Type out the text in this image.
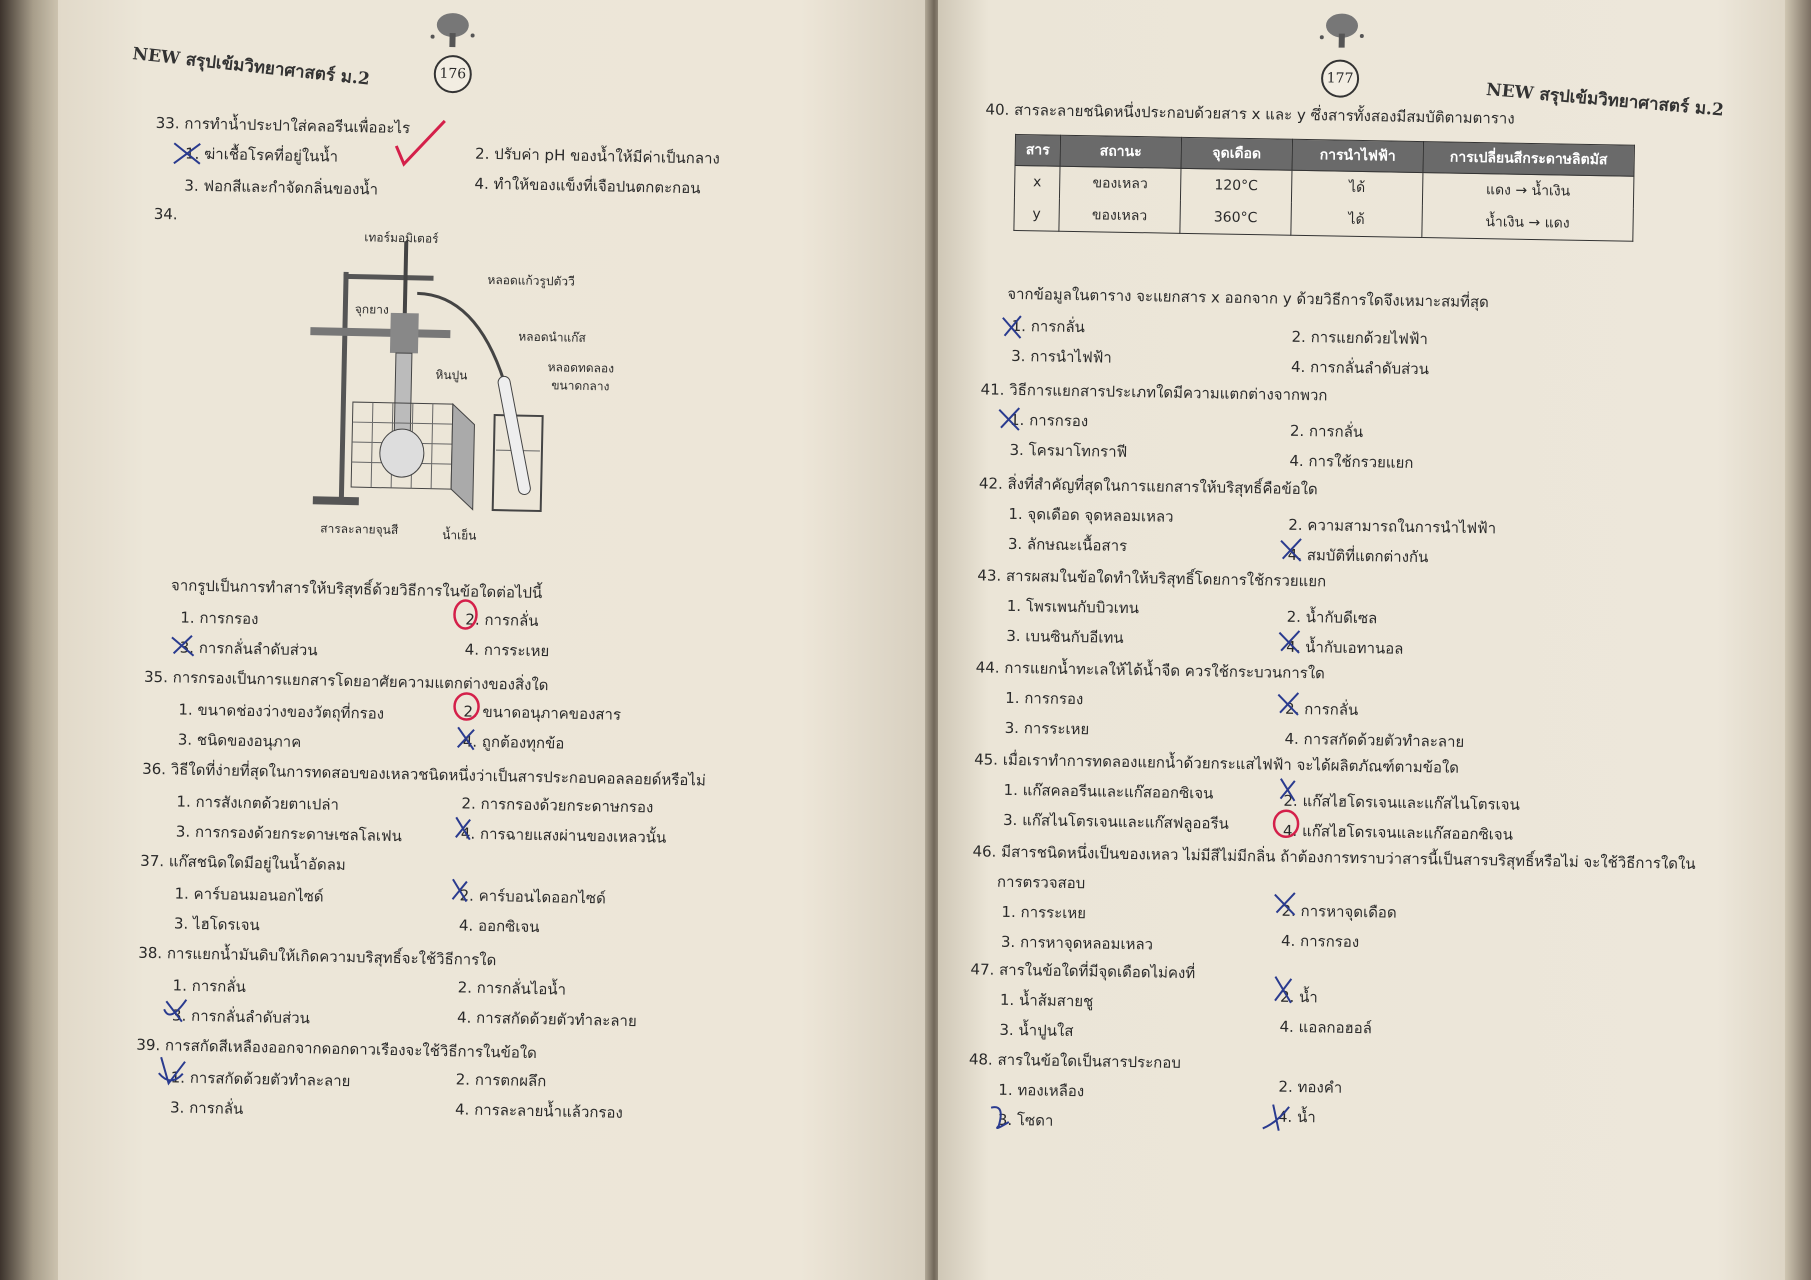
NEW สรุปเข้มวิทยาศาสตร์ ม.2	176
33. การทำน้ำประปาใส่คลอรีนเพื่ออะไร
1. ฆ่าเชื้อโรคที่อยู่ในน้ำ	2. ปรับค่า pH ของน้ำให้มีค่าเป็นกลาง
3. ฟอกสีและกำจัดกลิ่นของน้ำ	4. ทำให้ของแข็งที่เจือปนตกตะกอน
34.
เทอร์มอมิเตอร์
หลอดแก้วรูปตัววี
จุกยาง
หลอดนำแก๊ส
หินปูน	หลอดทดลอง
ขนาดกลาง
สารละลายจุนสี	น้ำเย็น
จากรูปเป็นการทำสารให้บริสุทธิ์ด้วยวิธีการในข้อใดต่อไปนี้
1. การกรอง	2. การกลั่น
3. การกลั่นลำดับส่วน	4. การระเหย
35. การกรองเป็นการแยกสารโดยอาศัยความแตกต่างของสิ่งใด
1. ขนาดช่องว่างของวัตถุที่กรอง	2. ขนาดอนุภาคของสาร
3. ชนิดของอนุภาค	4. ถูกต้องทุกข้อ
36. วิธีใดที่ง่ายที่สุดในการทดสอบของเหลวชนิดหนึ่งว่าเป็นสารประกอบคอลลอยด์หรือไม่
1. การสังเกตด้วยตาเปล่า	2. การกรองด้วยกระดาษกรอง
3. การกรองด้วยกระดาษเซลโลเฟน	4. การฉายแสงผ่านของเหลวนั้น
37. แก๊สชนิดใดมีอยู่ในน้ำอัดลม
1. คาร์บอนมอนอกไซด์	2. คาร์บอนไดออกไซด์
3. ไฮโดรเจน	4. ออกซิเจน
38. การแยกน้ำมันดิบให้เกิดความบริสุทธิ์จะใช้วิธีการใด
1. การกลั่น	2. การกลั่นไอน้ำ
3. การกลั่นลำดับส่วน	4. การสกัดด้วยตัวทำละลาย
39. การสกัดสีเหลืองออกจากดอกดาวเรืองจะใช้วิธีการในข้อใด
1. การสกัดด้วยตัวทำละลาย	2. การตกผลึก
3. การกลั่น	4. การละลายน้ำแล้วกรอง
177
NEW สรุปเข้มวิทยาศาสตร์ ม.2
40. สารละลายชนิดหนึ่งประกอบด้วยสาร x และ y ซึ่งสารทั้งสองมีสมบัติตามตาราง
สาร	สถานะ	จุดเดือด	การนำไฟฟ้า	การเปลี่ยนสีกระดาษลิตมัส
x	ของเหลว	120°C	ได้	แดง → น้ำเงิน
y	ของเหลว	360°C	ได้	น้ำเงิน → แดง
จากข้อมูลในตาราง จะแยกสาร x ออกจาก y ด้วยวิธีการใดจึงเหมาะสมที่สุด
1. การกลั่น
2. การแยกด้วยไฟฟ้า
3. การนำไฟฟ้า
4. การกลั่นลำดับส่วน
41. วิธีการแยกสารประเภทใดมีความแตกต่างจากพวก
1. การกรอง
2. การกลั่น
3. โครมาโทกราฟี
4. การใช้กรวยแยก
42. สิ่งที่สำคัญที่สุดในการแยกสารให้บริสุทธิ์คือข้อใด
1. จุดเดือด จุดหลอมเหลว
2. ความสามารถในการนำไฟฟ้า
3. ลักษณะเนื้อสาร
4. สมบัติที่แตกต่างกัน
43. สารผสมในข้อใดทำให้บริสุทธิ์โดยการใช้กรวยแยก
1. โพรเพนกับบิวเทน
2. น้ำกับดีเซล
3. เบนซินกับอีเทน
4. น้ำกับเอทานอล
44. การแยกน้ำทะเลให้ได้น้ำจืด ควรใช้กระบวนการใด
1. การกรอง
2. การกลั่น
3. การระเหย
4. การสกัดด้วยตัวทำละลาย
45. เมื่อเราทำการทดลองแยกน้ำด้วยกระแสไฟฟ้า จะได้ผลิตภัณฑ์ตามข้อใด
1. แก๊สคลอรีนและแก๊สออกซิเจน
2. แก๊สไฮโดรเจนและแก๊สไนโตรเจน
3. แก๊สไนโตรเจนและแก๊สฟลูออรีน	4. แก๊สไฮโดรเจนและแก๊สออกซิเจน
46. มีสารชนิดหนึ่งเป็นของเหลว ไม่มีสีไม่มีกลิ่น ถ้าต้องการทราบว่าสารนี้เป็นสารบริสุทธิ์หรือไม่ จะใช้วิธีการใดใน
การตรวจสอบ
1. การระเหย	2. การหาจุดเดือด
3. การหาจุดหลอมเหลว	4. การกรอง
47. สารในข้อใดที่มีจุดเดือดไม่คงที่
1. น้ำส้มสายชู	2. น้ำ
3. น้ำปูนใส	4. แอลกอฮอล์
48. สารในข้อใดเป็นสารประกอบ
1. ทองเหลือง	2. ทองคำ
3. โซดา	4. น้ำ
